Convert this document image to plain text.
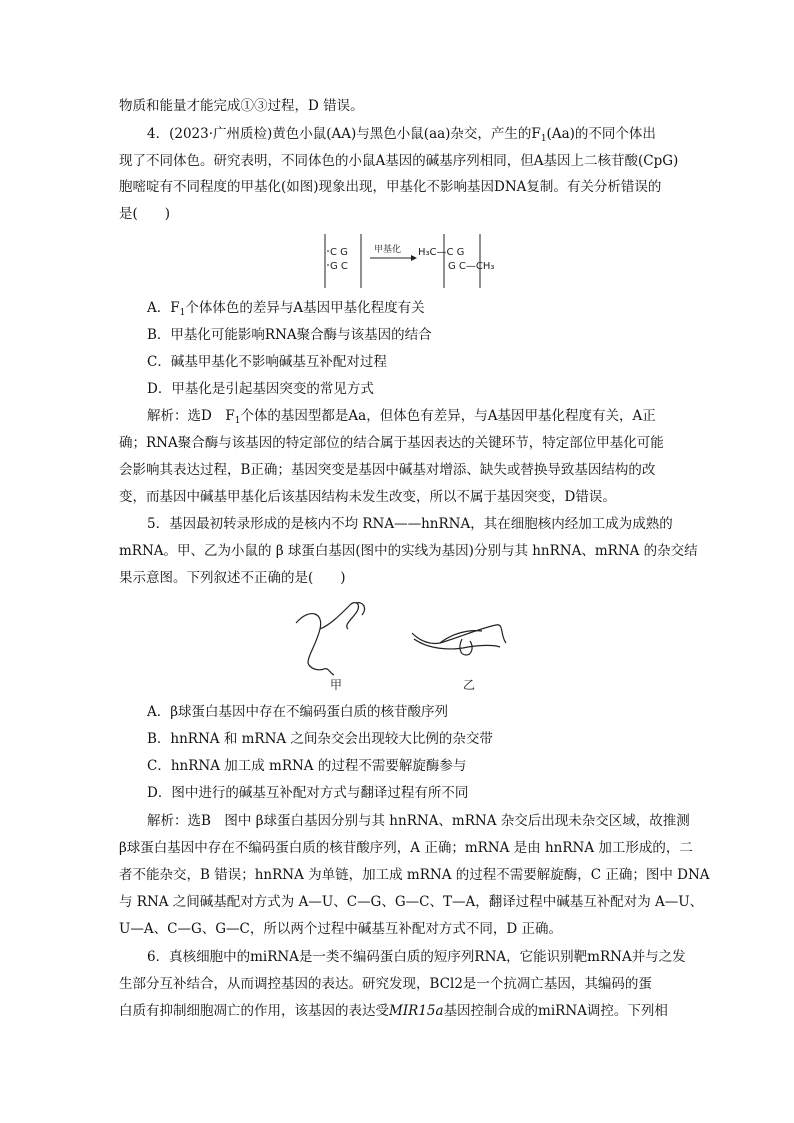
物质和能量才能完成①③过程，D 错误。
4．(2023·广州质检)黄色小鼠(AA)与黑色小鼠(aa)杂交，产生的$F_1(Aa)$的不同个体出
现了不同体色。研究表明，不同体色的小鼠A基因的碱基序列相同，但A基因上二核苷酸(CpG)
胞嘧啶有不同程度的甲基化(如图)现象出现，甲基化不影响基因DNA复制。有关分析错误的
是(　　)
C G
G C
甲基化 H₃C—C G
G C—CH₃
A．$F_1$个体体色的差异与A基因甲基化程度有关
B．甲基化可能影响RNA聚合酶与该基因的结合
C．碱基甲基化不影响碱基互补配对过程
D．甲基化是引起基因突变的常见方式
解析：选D　$F_1$个体的基因型都是Aa，但体色有差异，与A基因甲基化程度有关，A正
确；RNA聚合酶与该基因的特定部位的结合属于基因表达的关键环节，特定部位甲基化可能
会影响其表达过程，B正确；基因突变是基因中碱基对增添、缺失或替换导致基因结构的改
变，而基因中碱基甲基化后该基因结构未发生改变，所以不属于基因突变，D错误。
5．基因最初转录形成的是核内不均 RNA——hnRNA，其在细胞核内经加工成为成熟的
mRNA。甲、乙为小鼠的 β 球蛋白基因(图中的实线为基因)分别与其 hnRNA、mRNA 的杂交结
果示意图。下列叙述不正确的是(　　)
甲	乙
A．β球蛋白基因中存在不编码蛋白质的核苷酸序列
B．hnRNA 和 mRNA 之间杂交会出现较大比例的杂交带
C．hnRNA 加工成 mRNA 的过程不需要解旋酶参与
D．图中进行的碱基互补配对方式与翻译过程有所不同
解析：选B　图中 β球蛋白基因分别与其 hnRNA、mRNA 杂交后出现未杂交区域，故推测
β球蛋白基因中存在不编码蛋白质的核苷酸序列，A 正确；mRNA 是由 hnRNA 加工形成的，二
者不能杂交，B 错误；hnRNA 为单链，加工成 mRNA 的过程不需要解旋酶，C 正确；图中 DNA
与 RNA 之间碱基配对方式为 A—U、C—G、G—C、T—A，翻译过程中碱基互补配对为 A—U、
U—A、C—G、G—C，所以两个过程中碱基互补配对方式不同，D 正确。
6．真核细胞中的miRNA是一类不编码蛋白质的短序列RNA，它能识别靶mRNA并与之发
生部分互补结合，从而调控基因的表达。研究发现，BCl2是一个抗凋亡基因，其编码的蛋
白质有抑制细胞凋亡的作用，该基因的表达受MIR15a基因控制合成的miRNA调控。下列相
